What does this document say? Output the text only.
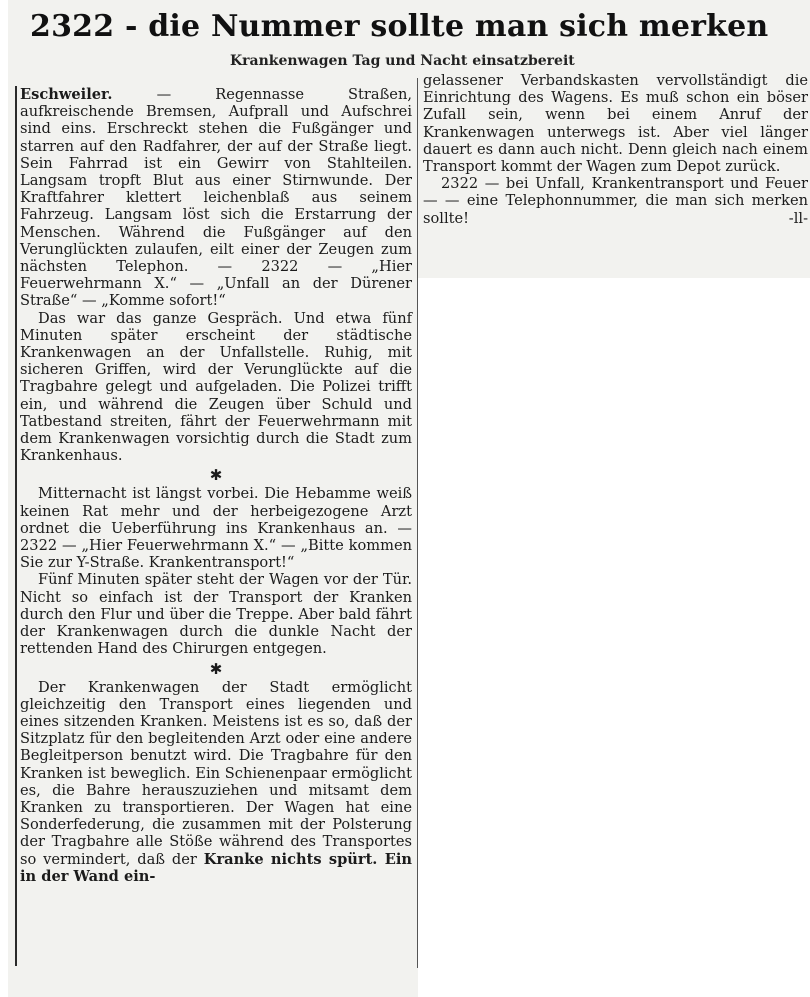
2322 - die Nummer sollte man sich merken
Krankenwagen Tag und Nacht einsatzbereit

Eschweiler. — Regennasse Straßen, aufkreischende Bremsen, Aufprall und Aufschrei sind eins. Erschreckt stehen die Fußgänger und starren auf den Radfahrer, der auf der Straße liegt. Sein Fahrrad ist ein Gewirr von Stahlteilen. Langsam tropft Blut aus einer Stirnwunde. Der Kraftfahrer klettert leichenblaß aus seinem Fahrzeug. Langsam löst sich die Erstarrung der Menschen. Während die Fußgänger auf den Verunglückten zulaufen, eilt einer der Zeugen zum nächsten Telephon. — 2322 — „Hier Feuerwehrmann X.“ — „Unfall an der Dürener Straße“ — „Komme sofort!“

Das war das ganze Gespräch. Und etwa fünf Minuten später erscheint der städtische Krankenwagen an der Unfallstelle. Ruhig, mit sicheren Griffen, wird der Verunglückte auf die Tragbahre gelegt und aufgeladen. Die Polizei trifft ein, und während die Zeugen über Schuld und Tatbestand streiten, fährt der Feuerwehrmann mit dem Krankenwagen vorsichtig durch die Stadt zum Krankenhaus.

✱

Mitternacht ist längst vorbei. Die Hebamme weiß keinen Rat mehr und der herbeigezogene Arzt ordnet die Ueberführung ins Krankenhaus an. — 2322 — „Hier Feuerwehrmann X.“ — „Bitte kommen Sie zur Y-Straße. Krankentransport!“

Fünf Minuten später steht der Wagen vor der Tür. Nicht so einfach ist der Transport der Kranken durch den Flur und über die Treppe. Aber bald fährt der Krankenwagen durch die dunkle Nacht der rettenden Hand des Chirurgen entgegen.

✱

Der Krankenwagen der Stadt ermöglicht gleichzeitig den Transport eines liegenden und eines sitzenden Kranken. Meistens ist es so, daß der Sitzplatz für den begleitenden Arzt oder eine andere Begleitperson benutzt wird. Die Tragbahre für den Kranken ist beweglich. Ein Schienenpaar ermöglicht es, die Bahre herauszuziehen und mitsamt dem Kranken zu transportieren. Der Wagen hat eine Sonderfederung, die zusammen mit der Polsterung der Tragbahre alle Stöße während des Transportes so vermindert, daß der Kranke nichts spürt. Ein in der Wand ein-

gelassener Verbandskasten vervollständigt die Einrichtung des Wagens. Es muß schon ein böser Zufall sein, wenn bei einem Anruf der Krankenwagen unterwegs ist. Aber viel länger dauert es dann auch nicht. Denn gleich nach einem Transport kommt der Wagen zum Depot zurück.

2322 — bei Unfall, Krankentransport und Feuer — — eine Telephonnummer, die man sich merken sollte!	-ll-
